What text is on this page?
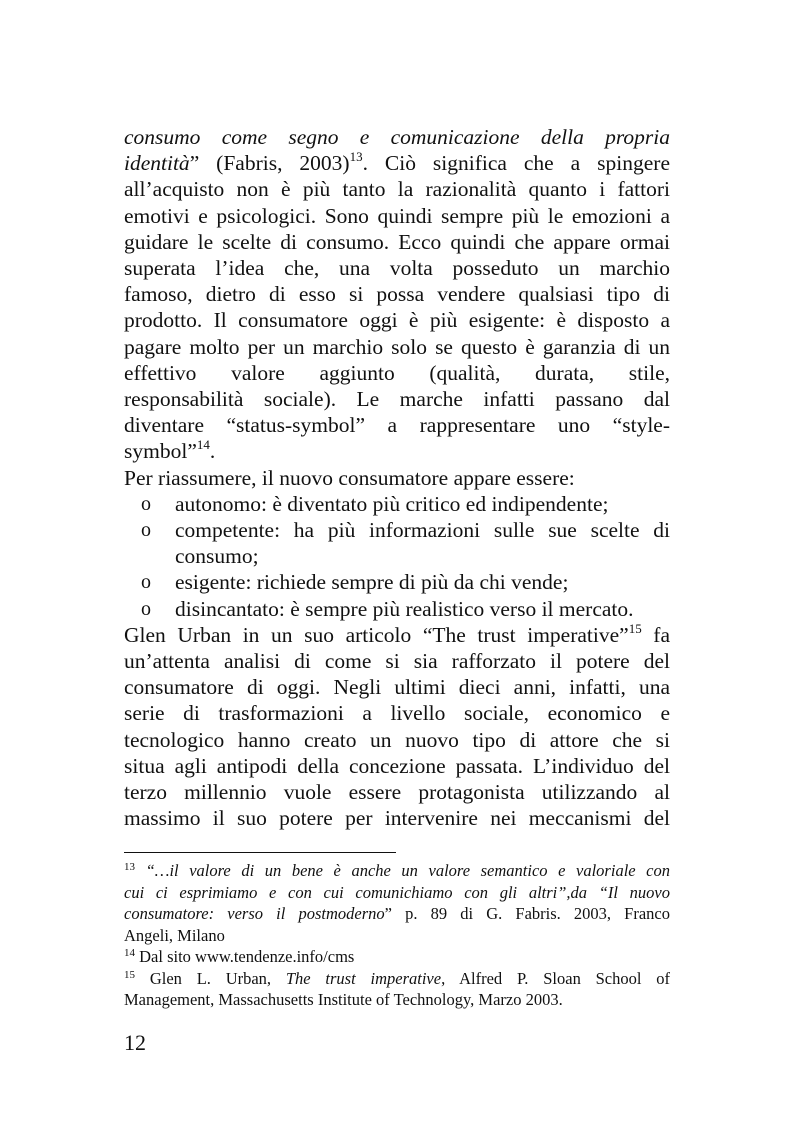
consumo come segno e comunicazione della propria
identità” (Fabris, 2003)$^{13}$. Ciò significa che a spingere
all’acquisto non è più tanto la razionalità quanto i fattori
emotivi e psicologici. Sono quindi sempre più le emozioni a
guidare le scelte di consumo. Ecco quindi che appare ormai
superata l’idea che, una volta posseduto un marchio
famoso, dietro di esso si possa vendere qualsiasi tipo di
prodotto. Il consumatore oggi è più esigente: è disposto a
pagare molto per un marchio solo se questo è garanzia di un
effettivo valore aggiunto (qualità, durata, stile,
responsabilità sociale). Le marche infatti passano dal
diventare “status-symbol” a rappresentare uno “style-
symbol”$^{14}$.
Per riassumere, il nuovo consumatore appare essere:
o autonomo: è diventato più critico ed indipendente;
o competente: ha più informazioni sulle sue scelte di
consumo;
o esigente: richiede sempre di più da chi vende;
o disincantato: è sempre più realistico verso il mercato.
Glen Urban in un suo articolo “The trust imperative”$^{15}$ fa
un’attenta analisi di come si sia rafforzato il potere del
consumatore di oggi. Negli ultimi dieci anni, infatti, una
serie di trasformazioni a livello sociale, economico e
tecnologico hanno creato un nuovo tipo di attore che si
situa agli antipodi della concezione passata. L’individuo del
terzo millennio vuole essere protagonista utilizzando al
massimo il suo potere per intervenire nei meccanismi del
$^{13}$ “…il valore di un bene è anche un valore semantico e valoriale con
cui ci esprimiamo e con cui comunichiamo con gli altri”,da “Il nuovo
consumatore: verso il postmoderno” p. 89 di G. Fabris. 2003, Franco
Angeli, Milano
$^{14}$ Dal sito www.tendenze.info/cms
$^{15}$ Glen L. Urban, The trust imperative, Alfred P. Sloan School of
Management, Massachusetts Institute of Technology, Marzo 2003.
12
